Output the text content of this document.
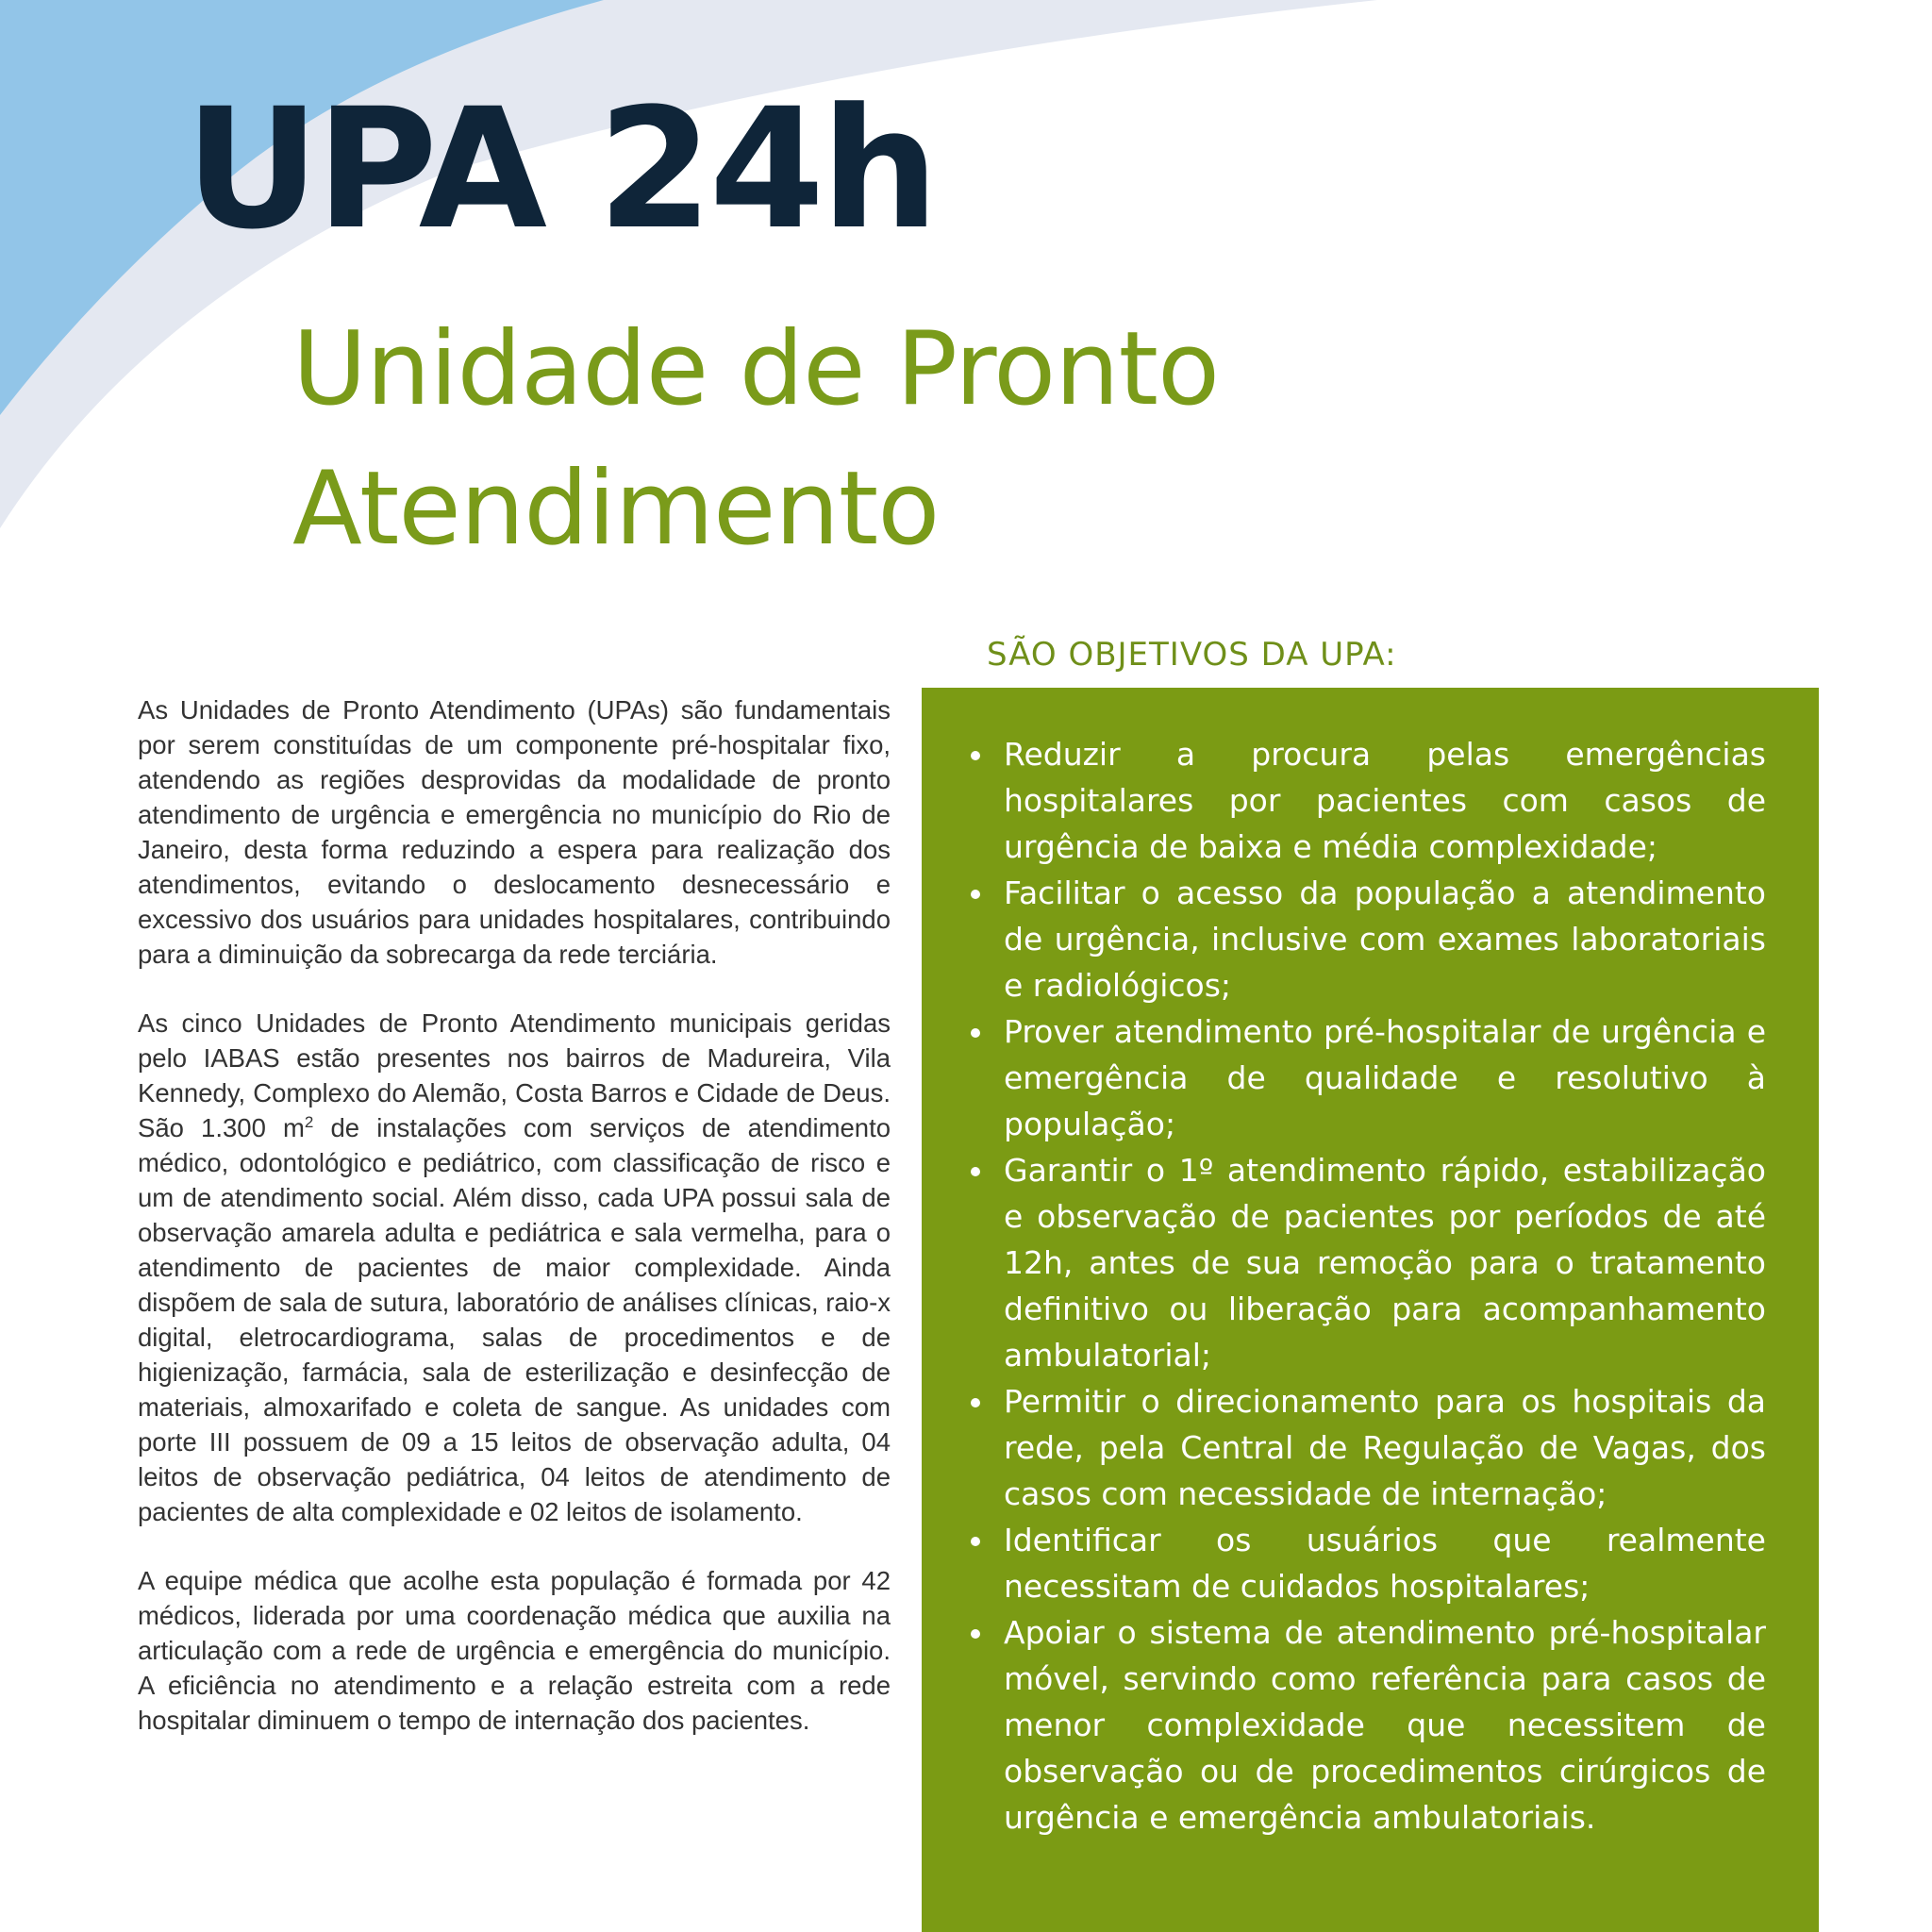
UPA 24h
Unidade de Pronto Atendimento

As Unidades de Pronto Atendimento (UPAs) são fundamentais por serem constituídas de um componente pré-hospitalar fixo, atendendo as regiões desprovidas da modalidade de pronto atendimento de urgência e emergência no município do Rio de Janeiro, desta forma reduzindo a espera para realização dos atendimentos, evitando o deslocamento desnecessário e excessivo dos usuários para unidades hospitalares, contribuindo para a diminuição da sobrecarga da rede terciária.

As cinco Unidades de Pronto Atendimento municipais geridas pelo IABAS estão presentes nos bairros de Madureira, Vila Kennedy, Complexo do Alemão, Costa Barros e Cidade de Deus. São 1.300 $m^2$ de instalações com serviços de atendimento médico, odontológico e pediátrico, com classificação de risco e um de atendimento social. Além disso, cada UPA possui sala de observação amarela adulta e pediátrica e sala vermelha, para o atendimento de pacientes de maior complexidade. Ainda dispõem de sala de sutura, laboratório de análises clínicas, raio-x digital, eletrocardiograma, salas de procedimentos e de higienização, farmácia, sala de esterilização e desinfecção de materiais, almoxarifado e coleta de sangue. As unidades com porte III possuem de 09 a 15 leitos de observação adulta, 04 leitos de observação pediátrica, 04 leitos de atendimento de pacientes de alta complexidade e 02 leitos de isolamento.

A equipe médica que acolhe esta população é formada por 42 médicos, liderada por uma coordenação médica que auxilia na articulação com a rede de urgência e emergência do município. A eficiência no atendimento e a relação estreita com a rede hospitalar diminuem o tempo de internação dos pacientes.

SÃO OBJETIVOS DA UPA:
Reduzir a procura pelas emergências hospitalares por pacientes com casos de urgência de baixa e média complexidade;
Facilitar o acesso da população a atendimento de urgência, inclusive com exames laboratoriais e radiológicos;
Prover atendimento pré-hospitalar de urgência e emergência de qualidade e resolutivo à população;
Garantir o 1º atendimento rápido, estabilização e observação de pacientes por períodos de até 12h, antes de sua remoção para o tratamento definitivo ou liberação para acompanhamento ambulatorial;
Permitir o direcionamento para os hospitais da rede, pela Central de Regulação de Vagas, dos casos com necessidade de internação;
Identificar os usuários que realmente necessitam de cuidados hospitalares;
Apoiar o sistema de atendimento pré-hospitalar móvel, servindo como referência para casos de menor complexidade que necessitem de observação ou de procedimentos cirúrgicos de urgência e emergência ambulatoriais.
